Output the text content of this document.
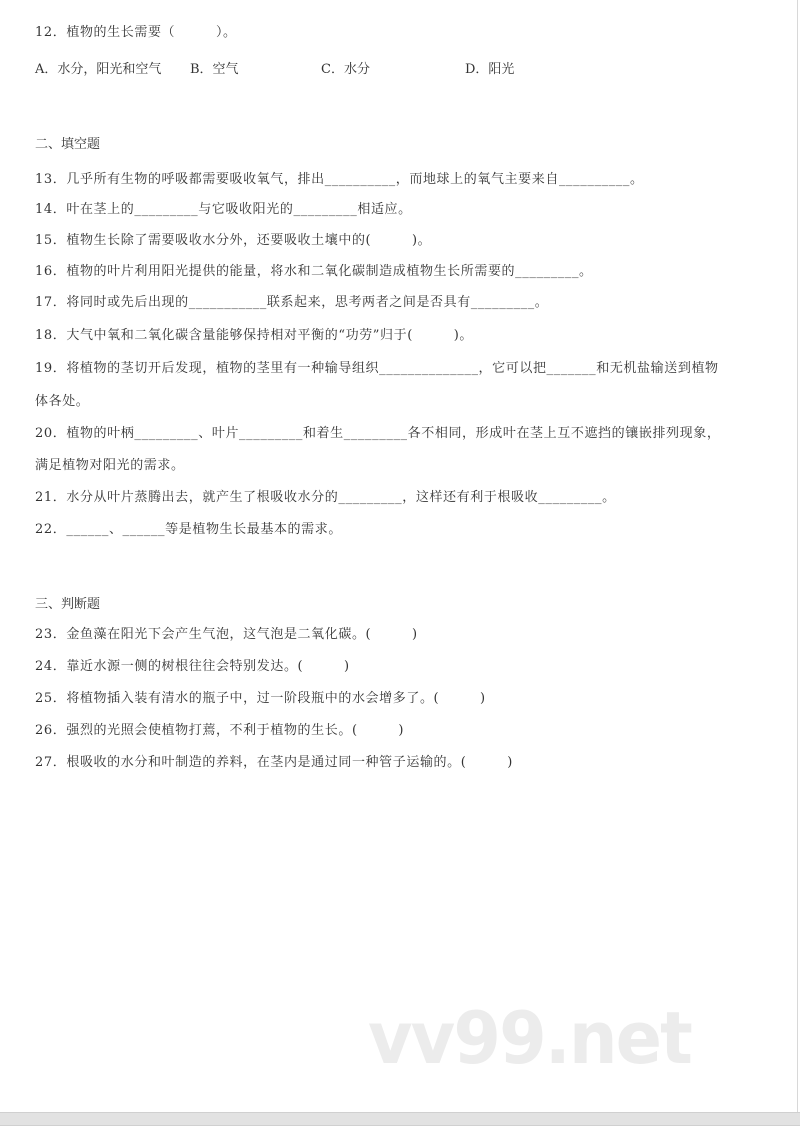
12．植物的生长需要（　　　）。
A．水分，阳光和空气 B．空气	C．水分	D．阳光
二、填空题
13．几乎所有生物的呼吸都需要吸收氧气，排出__________，而地球上的氧气主要来自__________。
14．叶在茎上的_________与它吸收阳光的_________相适应。
15．植物生长除了需要吸收水分外，还要吸收土壤中的(　　　)。
16．植物的叶片利用阳光提供的能量，将水和二氧化碳制造成植物生长所需要的_________。
17．将同时或先后出现的___________联系起来，思考两者之间是否具有_________。
18．大气中氧和二氧化碳含量能够保持相对平衡的“功劳”归于(　　　)。
19．将植物的茎切开后发现，植物的茎里有一种输导组织______________，它可以把_______和无机盐输送到植物
体各处。
20．植物的叶柄_________、叶片_________和着生_________各不相同，形成叶在茎上互不遮挡的镶嵌排列现象，
满足植物对阳光的需求。
21．水分从叶片蒸腾出去，就产生了根吸收水分的_________，这样还有利于根吸收_________。
22．______、______等是植物生长最基本的需求。
三、判断题
23．金鱼藻在阳光下会产生气泡，这气泡是二氧化碳。(　　　)
24．靠近水源一侧的树根往往会特别发达。(　　　)
25．将植物插入装有清水的瓶子中，过一阶段瓶中的水会增多了。(　　　)
26．强烈的光照会使植物打蔫，不利于植物的生长。(　　　)
27．根吸收的水分和叶制造的养料，在茎内是通过同一种管子运输的。(　　　)
vv99.net
